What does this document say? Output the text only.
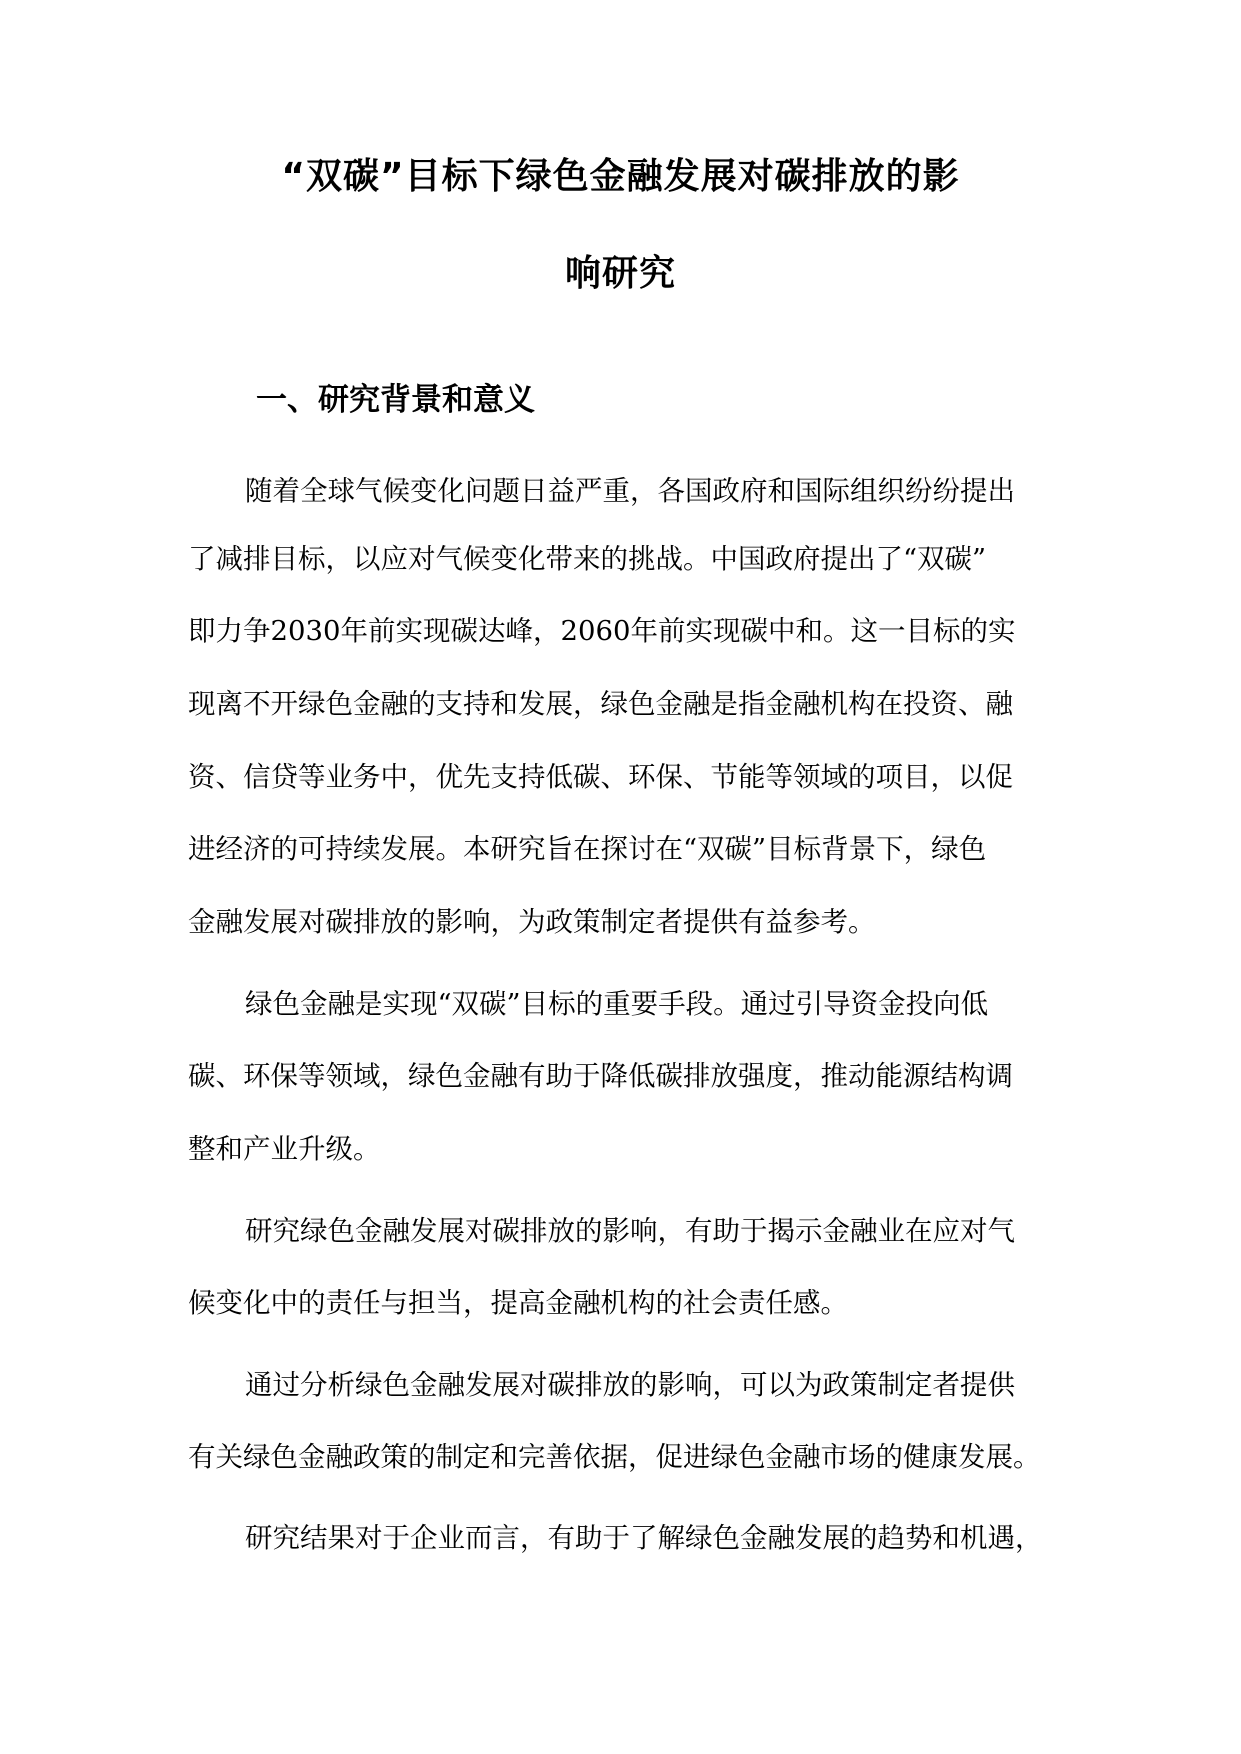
“双碳”目标下绿色金融发展对碳排放的影
响研究
一、研究背景和意义
随着全球气候变化问题日益严重，各国政府和国际组织纷纷提出
了减排目标，以应对气候变化带来的挑战。中国政府提出了“双碳”
即力争2030年前实现碳达峰，2060年前实现碳中和。这一目标的实
现离不开绿色金融的支持和发展，绿色金融是指金融机构在投资、融
资、信贷等业务中，优先支持低碳、环保、节能等领域的项目，以促
进经济的可持续发展。本研究旨在探讨在“双碳”目标背景下，绿色
金融发展对碳排放的影响，为政策制定者提供有益参考。
绿色金融是实现“双碳”目标的重要手段。通过引导资金投向低
碳、环保等领域，绿色金融有助于降低碳排放强度，推动能源结构调
整和产业升级。
研究绿色金融发展对碳排放的影响，有助于揭示金融业在应对气
候变化中的责任与担当，提高金融机构的社会责任感。
通过分析绿色金融发展对碳排放的影响，可以为政策制定者提供
有关绿色金融政策的制定和完善依据，促进绿色金融市场的健康发展。
研究结果对于企业而言，有助于了解绿色金融发展的趋势和机遇，
